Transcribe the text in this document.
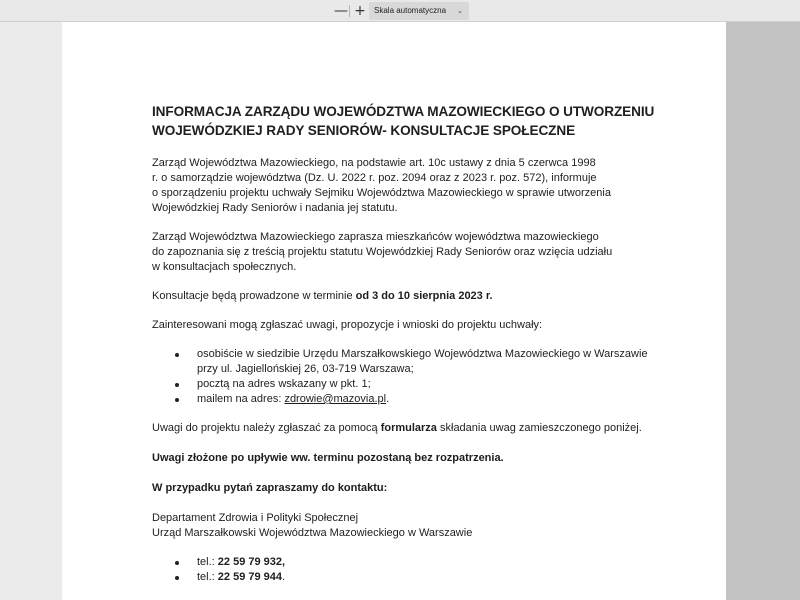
— +	Skala automatyczna ⌄
INFORMACJA ZARZĄDU WOJEWÓDZTWA MAZOWIECKIEGO O UTWORZENIU
WOJEWÓDZKIEJ RADY SENIORÓW- KONSULTACJE SPOŁECZNE
Zarząd Województwa Mazowieckiego, na podstawie art. 10c ustawy z dnia 5 czerwca 1998
r. o samorządzie województwa (Dz. U. 2022 r. poz. 2094 oraz z 2023 r. poz. 572), informuje
o sporządzeniu projektu uchwały Sejmiku Województwa Mazowieckiego w sprawie utworzenia
Wojewódzkiej Rady Seniorów i nadania jej statutu.
Zarząd Województwa Mazowieckiego zaprasza mieszkańców województwa mazowieckiego
do zapoznania się z treścią projektu statutu Wojewódzkiej Rady Seniorów oraz wzięcia udziału
w konsultacjach społecznych.
Konsultacje będą prowadzone w terminie od 3 do 10 sierpnia 2023 r.
Zainteresowani mogą zgłaszać uwagi, propozycje i wnioski do projektu uchwały:
osobiście w siedzibie Urzędu Marszałkowskiego Województwa Mazowieckiego w Warszawie
przy ul. Jagiellońskiej 26, 03-719 Warszawa;
pocztą na adres wskazany w pkt. 1;
mailem na adres: zdrowie@mazovia.pl.
Uwagi do projektu należy zgłaszać za pomocą formularza składania uwag zamieszczonego poniżej.
Uwagi złożone po upływie ww. terminu pozostaną bez rozpatrzenia.
W przypadku pytań zapraszamy do kontaktu:
Departament Zdrowia i Polityki Społecznej
Urząd Marszałkowski Województwa Mazowieckiego w Warszawie
tel.: 22 59 79 932,
tel.: 22 59 79 944.
